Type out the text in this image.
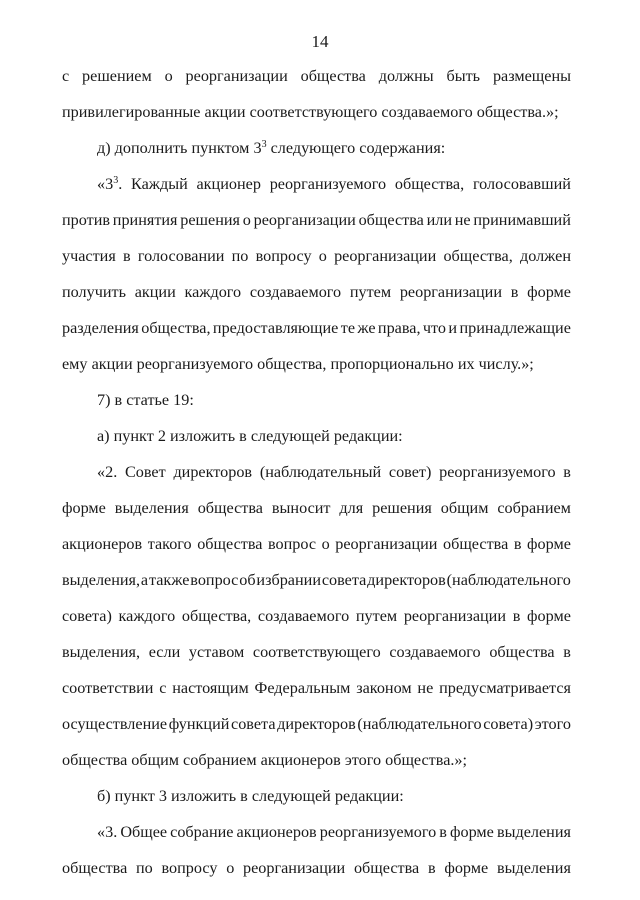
14
с решением о реорганизации общества должны быть размещены
привилегированные акции соответствующего создаваемого общества.»;
д) дополнить пунктом $3^3$ следующего содержания:
«$3^3$. Каждый акционер реорганизуемого общества, голосовавший
против принятия решения о реорганизации общества или не принимавший
участия в голосовании по вопросу о реорганизации общества, должен
получить акции каждого создаваемого путем реорганизации в форме
разделения общества, предоставляющие те же права, что и принадлежащие
ему акции реорганизуемого общества, пропорционально их числу.»;
7) в статье 19:
а) пункт 2 изложить в следующей редакции:
«2. Совет директоров (наблюдательный совет) реорганизуемого в
форме выделения общества выносит для решения общим собранием
акционеров такого общества вопрос о реорганизации общества в форме
выделения, а также вопрос об избрании совета директоров (наблюдательного
совета) каждого общества, создаваемого путем реорганизации в форме
выделения, если уставом соответствующего создаваемого общества в
соответствии с настоящим Федеральным законом не предусматривается
осуществление функций совета директоров (наблюдательного совета) этого
общества общим собранием акционеров этого общества.»;
б) пункт 3 изложить в следующей редакции:
«3. Общее собрание акционеров реорганизуемого в форме выделения
общества по вопросу о реорганизации общества в форме выделения
